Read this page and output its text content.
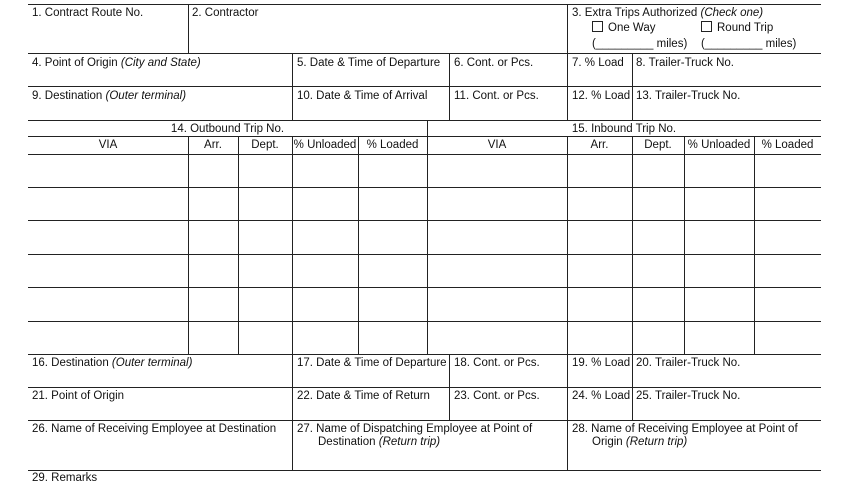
1. Contract Route No.	2. Contractor	3. Extra Trips Authorized (Check one)
One Way	Round Trip
(_________ miles) (_________ miles)
4. Point of Origin (City and State)	5. Date & Time of Departure 6. Cont. or Pcs.	7. % Load 8. Trailer-Truck No.
9. Destination (Outer terminal)	10. Date & Time of Arrival 11. Cont. or Pcs.	12. % Load 13. Trailer-Truck No.
14. Outbound Trip No.	15. Inbound Trip No.
VIA	Arr.	Dept.	% Unloaded % Loaded	VIA	Arr.	Dept.	% Unloaded % Loaded
16. Destination (Outer terminal)	17. Date & Time of Departure 18. Cont. or Pcs.	19. % Load 20. Trailer-Truck No.
21. Point of Origin	22. Date & Time of Return 23. Cont. or Pcs.	24. % Load 25. Trailer-Truck No.
26. Name of Receiving Employee at Destination 27. Name of Dispatching Employee at Point of
Destination (Return trip)
28. Name of Receiving Employee at Point of
Origin (Return trip)
29. Remarks
